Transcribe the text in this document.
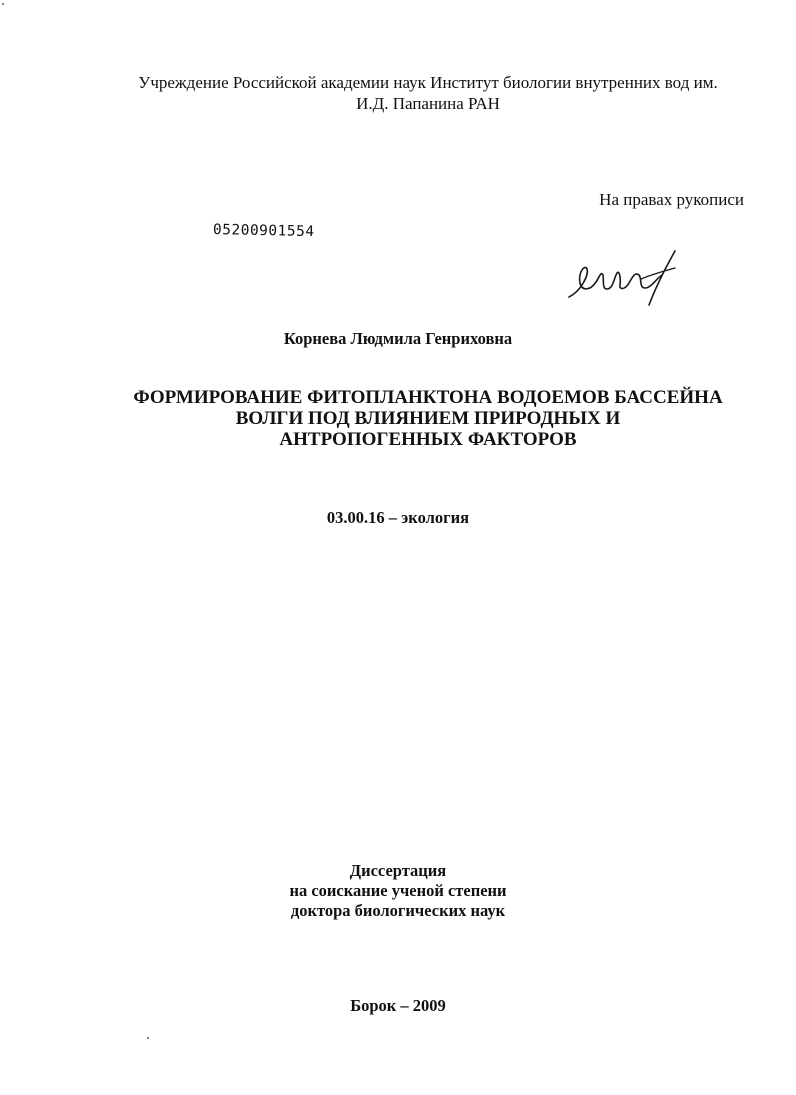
Учреждение Российской академии наук Институт биологии внутренних вод им.
И.Д. Папанина РАН
На правах рукописи
05200901554
Корнева Людмила Генриховна
ФОРМИРОВАНИЕ ФИТОПЛАНКТОНА ВОДОЕМОВ БАССЕЙНА
ВОЛГИ ПОД ВЛИЯНИЕМ ПРИРОДНЫХ И
АНТРОПОГЕННЫХ ФАКТОРОВ
03.00.16 – экология
Диссертация
на соискание ученой степени
доктора биологических наук
Борок – 2009
